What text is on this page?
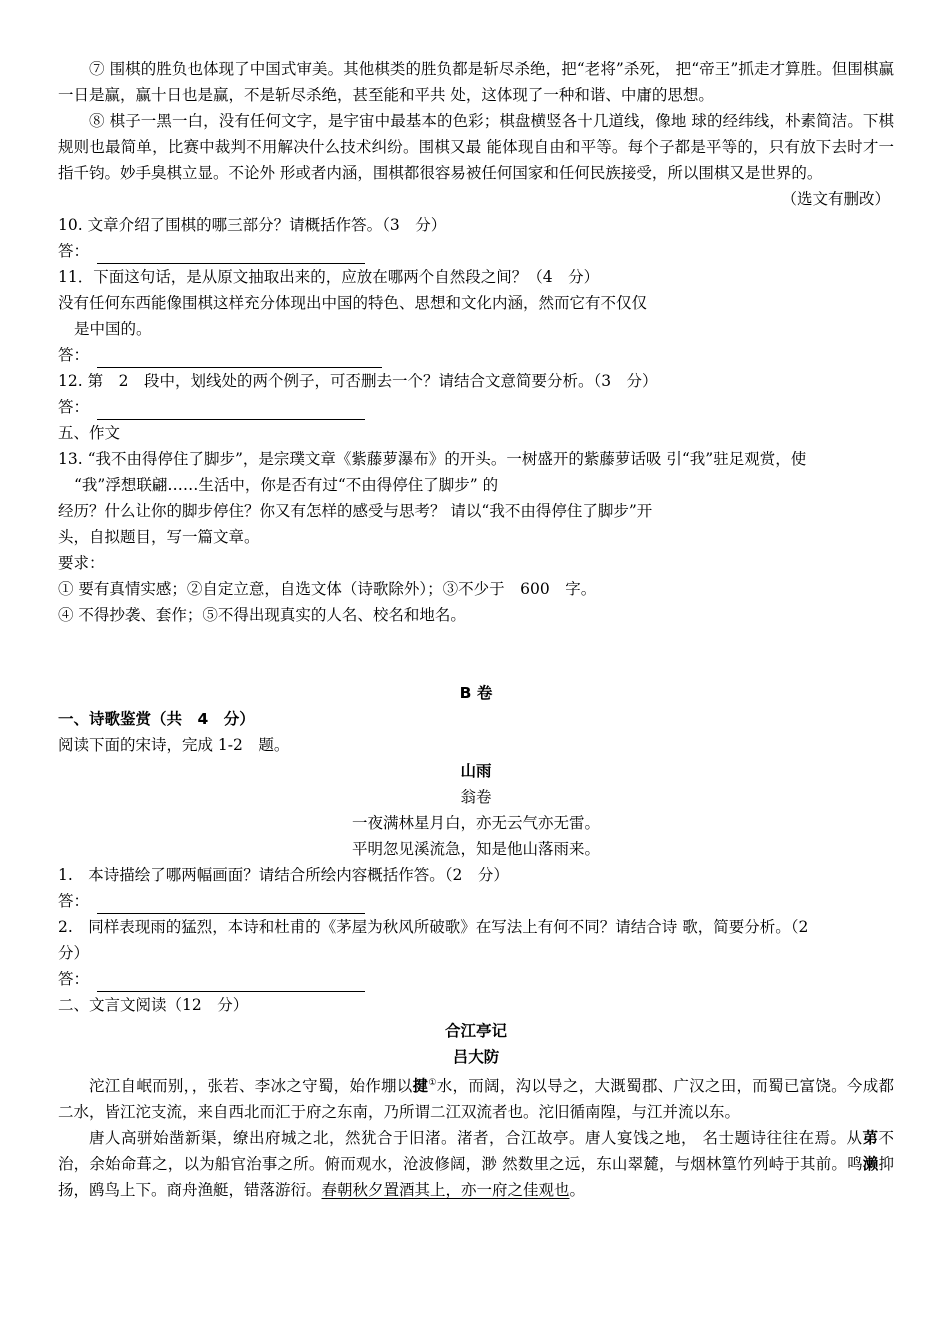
⑦ 围棋的胜负也体现了中国式审美。其他棋类的胜负都是斩尽杀绝，把“老将”杀死， 把“帝王”抓走才算胜。但围棋赢一日是赢，赢十日也是赢，不是斩尽杀绝，甚至能和平共 处，这体现了一种和谐、中庸的思想。

⑧ 棋子一黑一白，没有任何文字，是宇宙中最基本的色彩；棋盘横竖各十几道线，像地 球的经纬线，朴素简洁。下棋规则也最简单，比赛中裁判不用解决什么技术纠纷。围棋又最 能体现自由和平等。每个子都是平等的，只有放下去时才一指千钧。妙手臭棋立显。不论外 形或者内涵，围棋都很容易被任何国家和任何民族接受，所以围棋又是世界的。

（选文有删改）

10. 文章介绍了围棋的哪三部分？请概括作答。（3　分）

答：

11．下面这句话，是从原文抽取出来的，应放在哪两个自然段之间？（4　分）

没有任何东西能像围棋这样充分体现出中国的特色、思想和文化内涵，然而它有不仅仅

是中国的。

答：

12. 第　2　段中，划线处的两个例子，可否删去一个？请结合文意简要分析。（3　分）

答：

五、作文

13. “我不由得停住了脚步”，是宗璞文章《紫藤萝瀑布》的开头。一树盛开的紫藤萝话吸 引“我”驻足观赏，使

“我”浮想联翩……生活中，你是否有过“不由得停住了脚步” 的

经历？什么让你的脚步停住？你又有怎样的感受与思考？ 请以“我不由得停住了脚步”开

头，自拟题目，写一篇文章。

要求：

① 要有真情实感；②自定立意，自选文体（诗歌除外）；③不少于　600　字。

④ 不得抄袭、套作；⑤不得出现真实的人名、校名和地名。

B 卷

一、诗歌鉴赏（共　4　分）

阅读下面的宋诗，完成 1-2　题。

山雨

翁卷

一夜满林星月白，亦无云气亦无雷。

平明忽见溪流急，知是他山落雨来。

1.　本诗描绘了哪两幅画面？请结合所绘内容概括作答。（2　分）

答：

2.　同样表现雨的猛烈，本诗和杜甫的《茅屋为秋风所破歌》在写法上有何不同？请结合诗 歌，简要分析。（2

分）

答：

二、文言文阅读（12　分）

合江亭记

吕大防

沱江自岷而别，，张若、李冰之守蜀，始作堋以揵①水，而阔，沟以导之，大溉蜀郡、广汉之田，而蜀已富饶。今成都二水，皆江沱支流，来自西北而汇于府之东南，乃所谓二江双流者也。沱旧循南隍，与江并流以东。

唐人高骈始凿新渠，缭出府城之北，然犹合于旧渚。渚者，合江故亭。唐人宴饯之地， 名士题诗往往在焉。从苐不治，余始命葺之，以为船官治事之所。俯而观水，沧波修阔，渺 然数里之远，东山翠麓，与烟林篁竹列峙于其前。鸣濑抑扬，鸥鸟上下。商舟渔艇，错落游衍。春朝秋夕置酒其上，亦一府之佳观也。
